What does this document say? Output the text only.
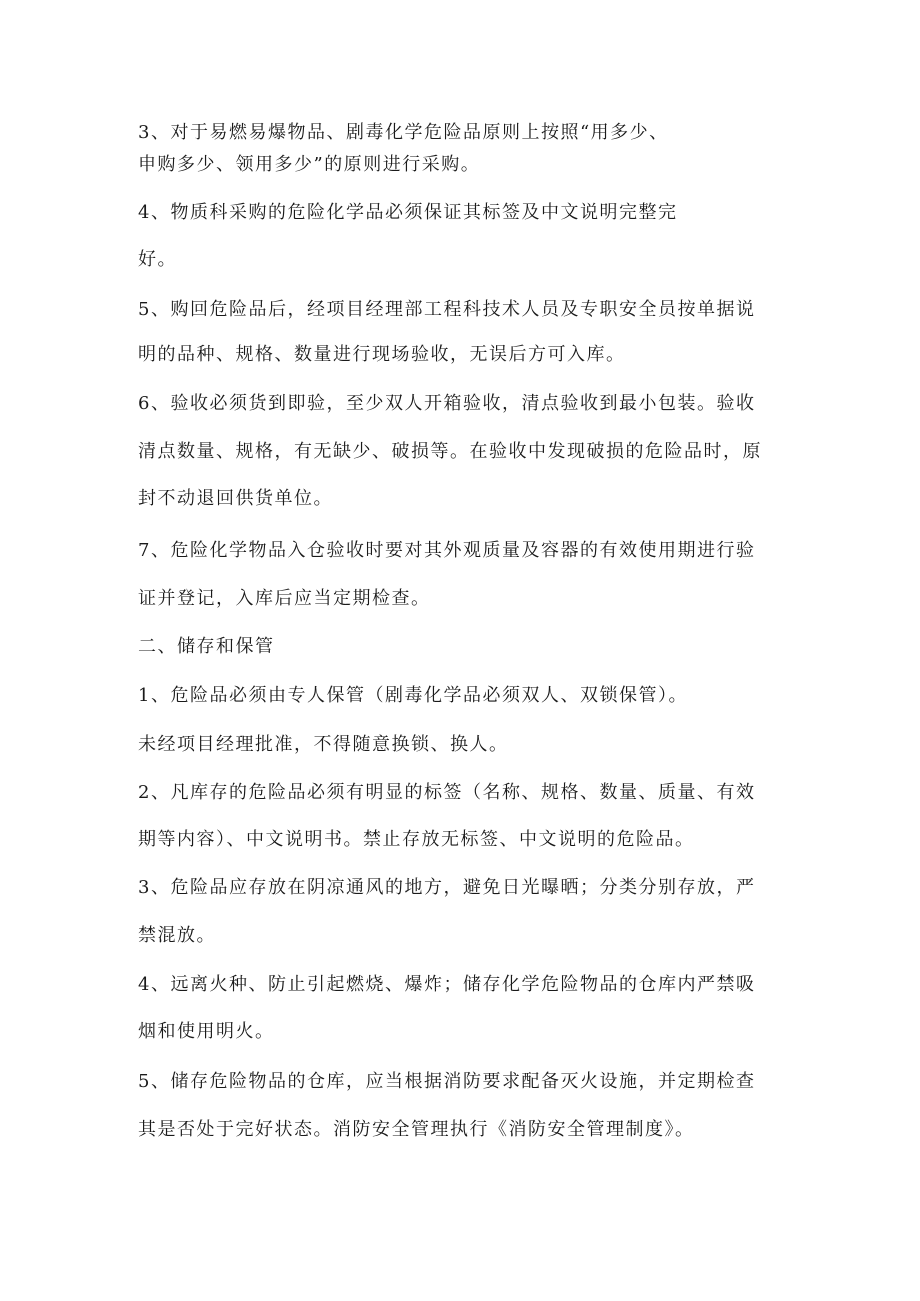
3、对于易燃易爆物品、剧毒化学危险品原则上按照“用多少、
申购多少、领用多少”的原则进行采购。
4、物质科采购的危险化学品必须保证其标签及中文说明完整完
好。
5、购回危险品后，经项目经理部工程科技术人员及专职安全员按单据说
明的品种、规格、数量进行现场验收，无误后方可入库。
6、验收必须货到即验，至少双人开箱验收，清点验收到最小包装。验收
清点数量、规格，有无缺少、破损等。在验收中发现破损的危险品时，原
封不动退回供货单位。
7、危险化学物品入仓验收时要对其外观质量及容器的有效使用期进行验
证并登记，入库后应当定期检查。
二、储存和保管
1、危险品必须由专人保管（剧毒化学品必须双人、双锁保管）。
未经项目经理批准，不得随意换锁、换人。
2、凡库存的危险品必须有明显的标签（名称、规格、数量、质量、有效
期等内容）、中文说明书。禁止存放无标签、中文说明的危险品。
3、危险品应存放在阴凉通风的地方，避免日光曝晒；分类分别存放，严
禁混放。
4、远离火种、防止引起燃烧、爆炸；储存化学危险物品的仓库内严禁吸
烟和使用明火。
5、储存危险物品的仓库，应当根据消防要求配备灭火设施，并定期检查
其是否处于完好状态。消防安全管理执行《消防安全管理制度》。
